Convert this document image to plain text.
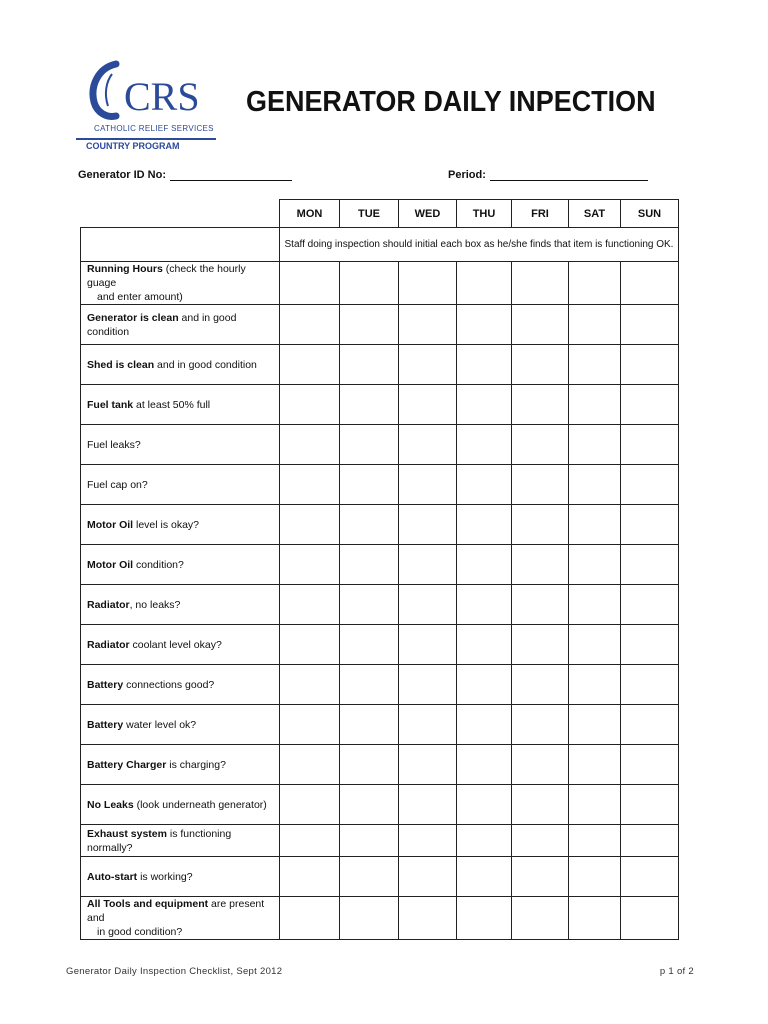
CRS
CATHOLIC RELIEF SERVICES
COUNTRY PROGRAM
GENERATOR DAILY INPECTION
Generator ID No:	Period:
	MON	TUE	WED	THU	FRI	SAT	SUN
	Staff doing inspection should initial each box as he/she finds that item is functioning OK.						
Running Hours (check the hourly guage
and enter amount)							

Generator is clean and in good condition							
Shed is clean and in good condition							
Fuel tank at least 50% full							
Fuel leaks?							
Fuel cap on?							
Motor Oil level is okay?							
Motor Oil condition?							
Radiator, no leaks?							
Radiator coolant level okay?							
Battery connections good?							
Battery water level ok?							
Battery Charger is charging?							
No Leaks (look underneath generator)							
Exhaust system is functioning normally?							
Auto-start is working?							
All Tools and equipment are present and
in good condition?							

Generator Daily Inspection Checklist, Sept 2012	p 1 of 2
